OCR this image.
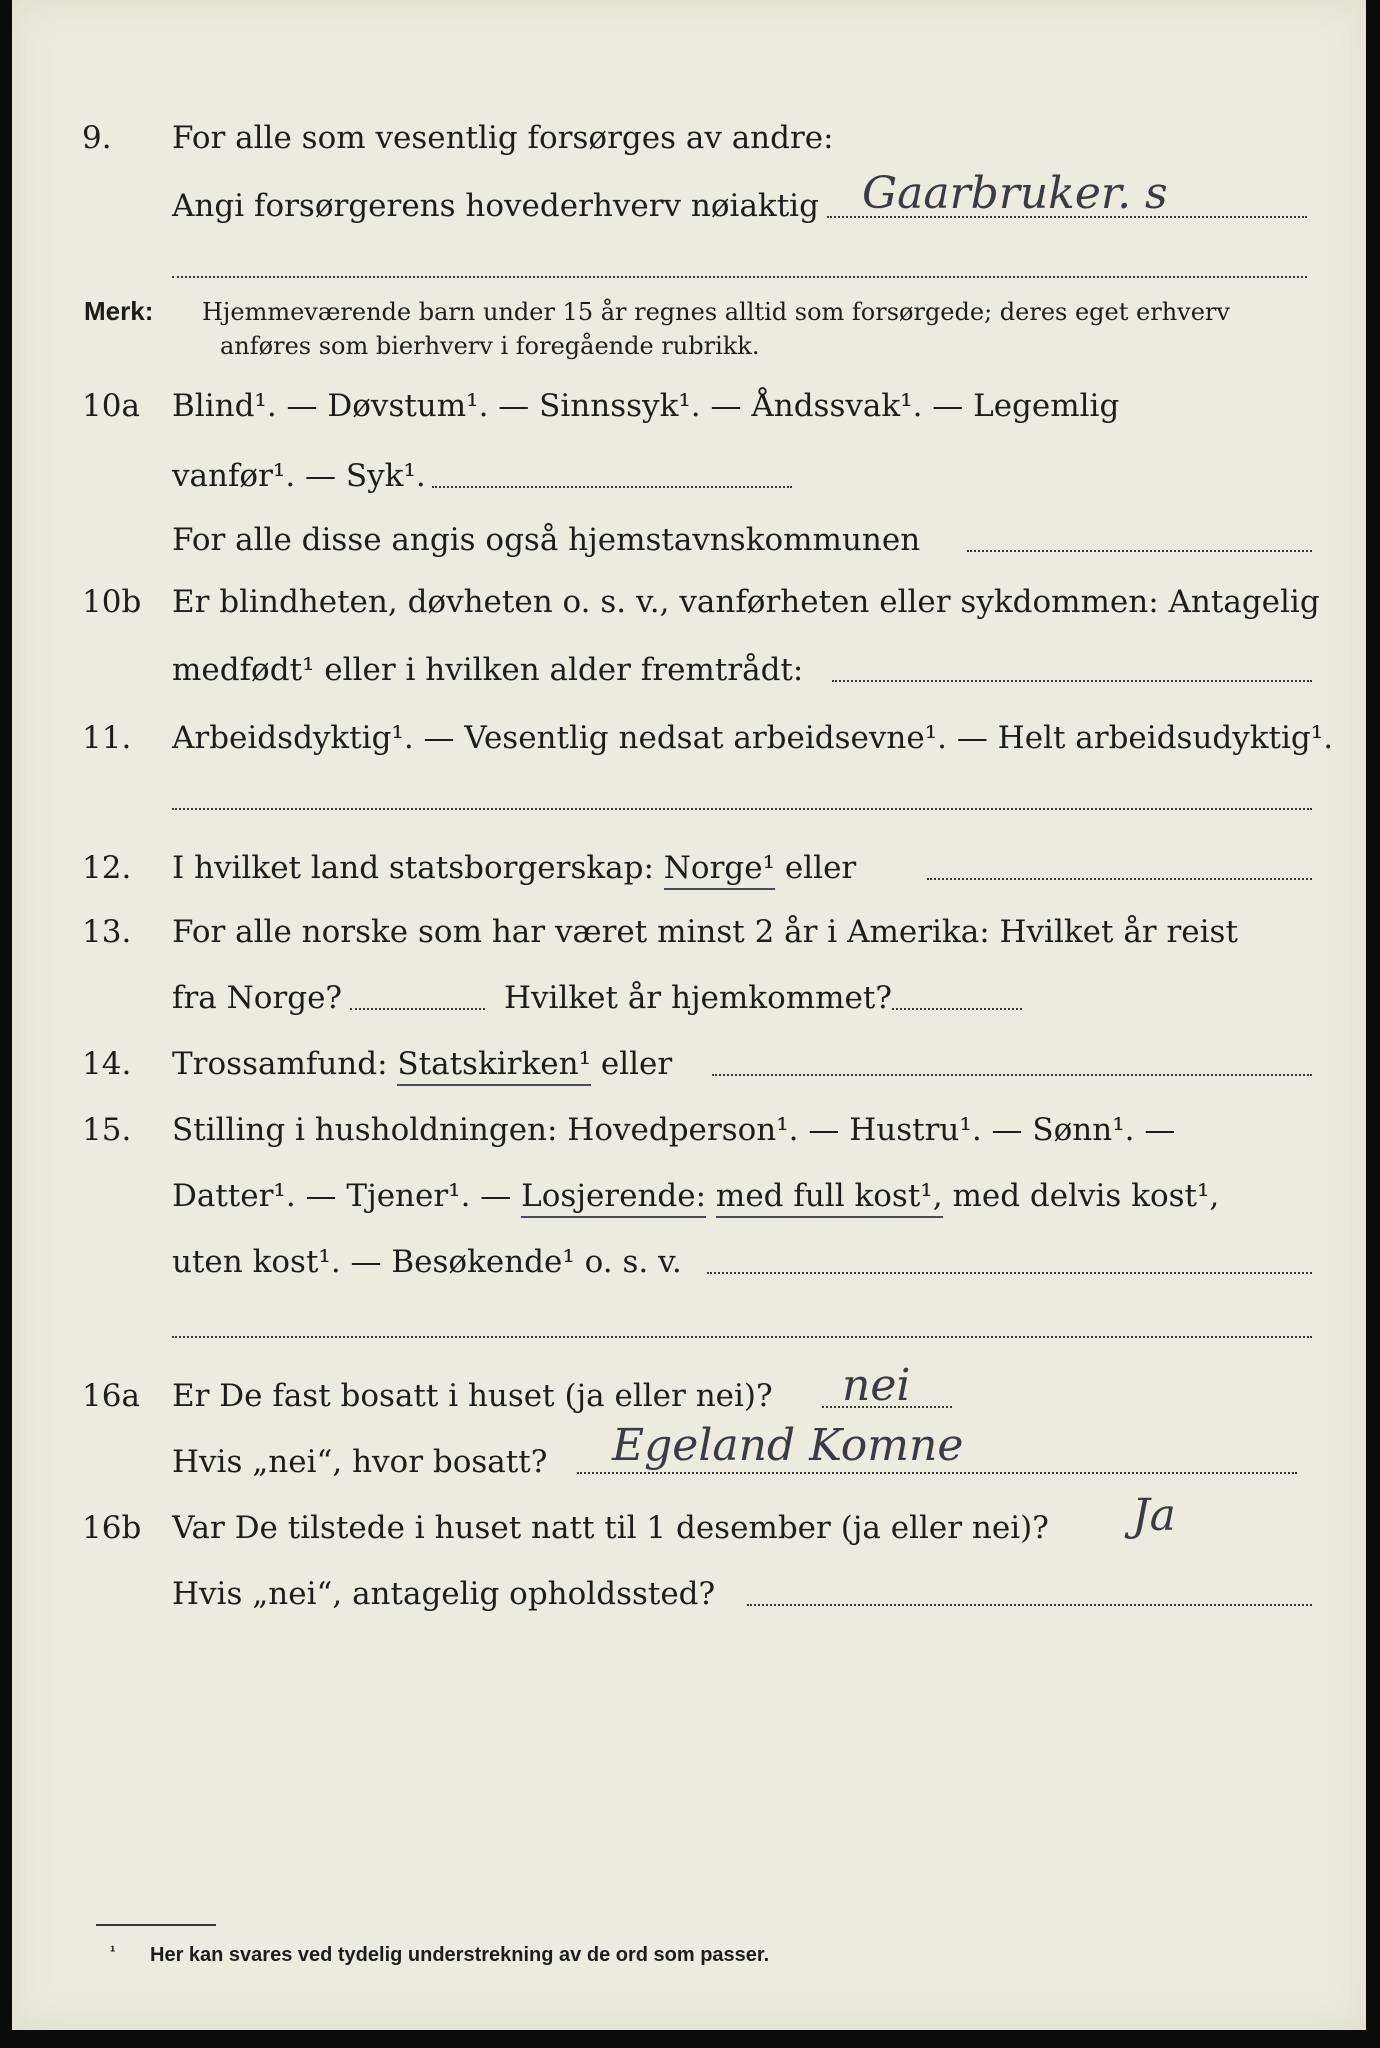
9. For alle som vesentlig forsørges av andre:
Angi forsørgerens hovederhverv nøiaktig Gaarbruker. s
Merk: Hjemmeværende barn under 15 år regnes alltid som forsørgede; deres eget erhverv
anføres som bierhverv i foregående rubrikk.
10a Blind¹. — Døvstum¹. — Sinnssyk¹. — Åndssvak¹. — Legemlig
vanfør¹. — Syk¹.
For alle disse angis også hjemstavnskommunen
10b Er blindheten, døvheten o. s. v., vanførheten eller sykdommen: Antagelig
medfødt¹ eller i hvilken alder fremtrådt:
11. Arbeidsdyktig¹. — Vesentlig nedsat arbeidsevne¹. — Helt arbeidsudyktig¹.
12. I hvilket land statsborgerskap: Norge¹ eller
13. For alle norske som har været minst 2 år i Amerika: Hvilket år reist
fra Norge?	Hvilket år hjemkommet?
14. Trossamfund: Statskirken¹ eller
15. Stilling i husholdningen: Hovedperson¹. — Hustru¹. — Sønn¹. —
Datter¹. — Tjener¹. — Losjerende: med full kost¹, med delvis kost¹,
uten kost¹. — Besøkende¹ o. s. v.
16a Er De fast bosatt i huset (ja eller nei)? nei
Hvis „nei“, hvor bosatt? Egeland Komne
16b Var De tilstede i huset natt til 1 desember (ja eller nei)? Ja
Hvis „nei“, antagelig opholdssted?
¹ Her kan svares ved tydelig understrekning av de ord som passer.
